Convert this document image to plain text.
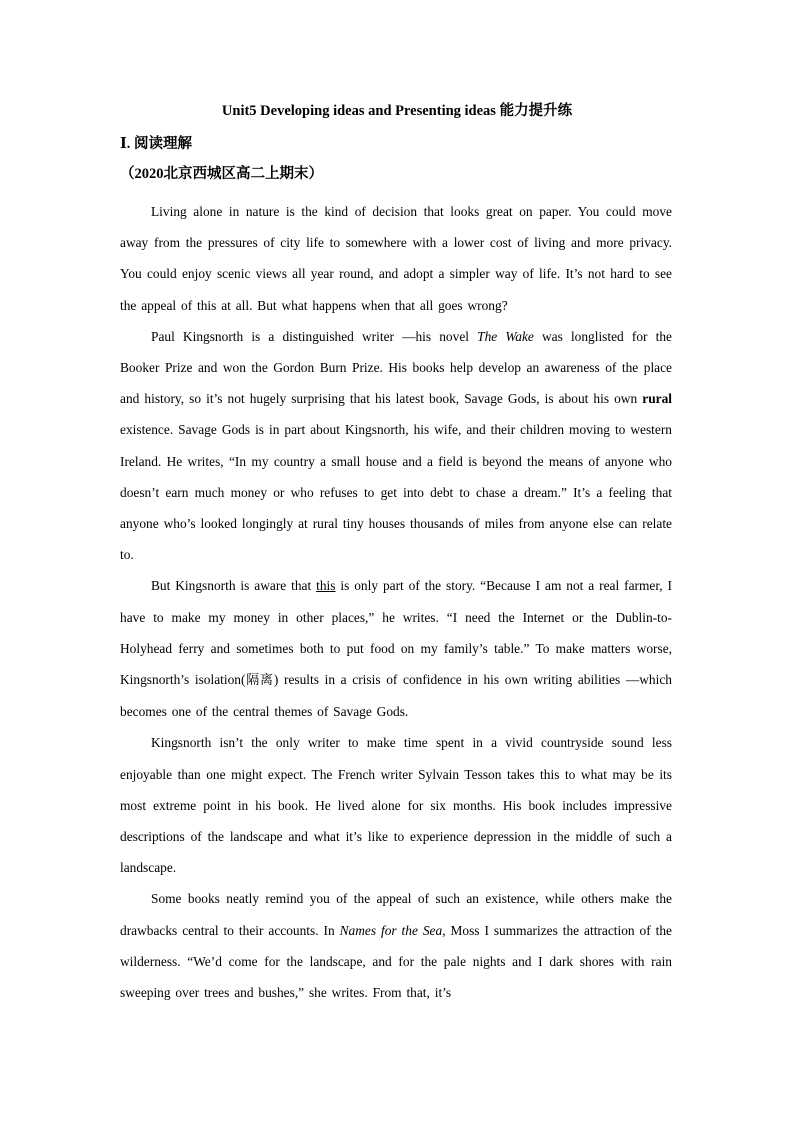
Unit5 Developing ideas and Presenting ideas 能力提升练
Ⅰ. 阅读理解
（2020北京西城区高二上期末）

Living alone in nature is the kind of decision that looks great on paper. You could move away from the pressures of city life to somewhere with a lower cost of living and more privacy. You could enjoy scenic views all year round, and adopt a simpler way of life. It’s not hard to see the appeal of this at all. But what happens when that all goes wrong?

Paul Kingsnorth is a distinguished writer —his novel The Wake was longlisted for the Booker Prize and won the Gordon Burn Prize. His books help develop an awareness of the place and history, so it’s not hugely surprising that his latest book, Savage Gods, is about his own rural existence. Savage Gods is in part about Kingsnorth, his wife, and their children moving to western Ireland. He writes, “In my country a small house and a field is beyond the means of anyone who doesn’t earn much money or who refuses to get into debt to chase a dream.” It’s a feeling that anyone who’s looked longingly at rural tiny houses thousands of miles from anyone else can relate to.

But Kingsnorth is aware that this is only part of the story. “Because I am not a real farmer, I have to make my money in other places,” he writes. “I need the Internet or the Dublin-to-Holyhead ferry and sometimes both to put food on my family’s table.” To make matters worse, Kingsnorth’s isolation(隔离) results in a crisis of confidence in his own writing abilities —which becomes one of the central themes of Savage Gods.

Kingsnorth isn’t the only writer to make time spent in a vivid countryside sound less enjoyable than one might expect. The French writer Sylvain Tesson takes this to what may be its most extreme point in his book. He lived alone for six months. His book includes impressive descriptions of the landscape and what it’s like to experience depression in the middle of such a landscape.

Some books neatly remind you of the appeal of such an existence, while others make the drawbacks central to their accounts. In Names for the Sea, Moss I summarizes the attraction of the wilderness. “We’d come for the landscape, and for the pale nights and I dark shores with rain sweeping over trees and bushes,” she writes. From that, it’s
